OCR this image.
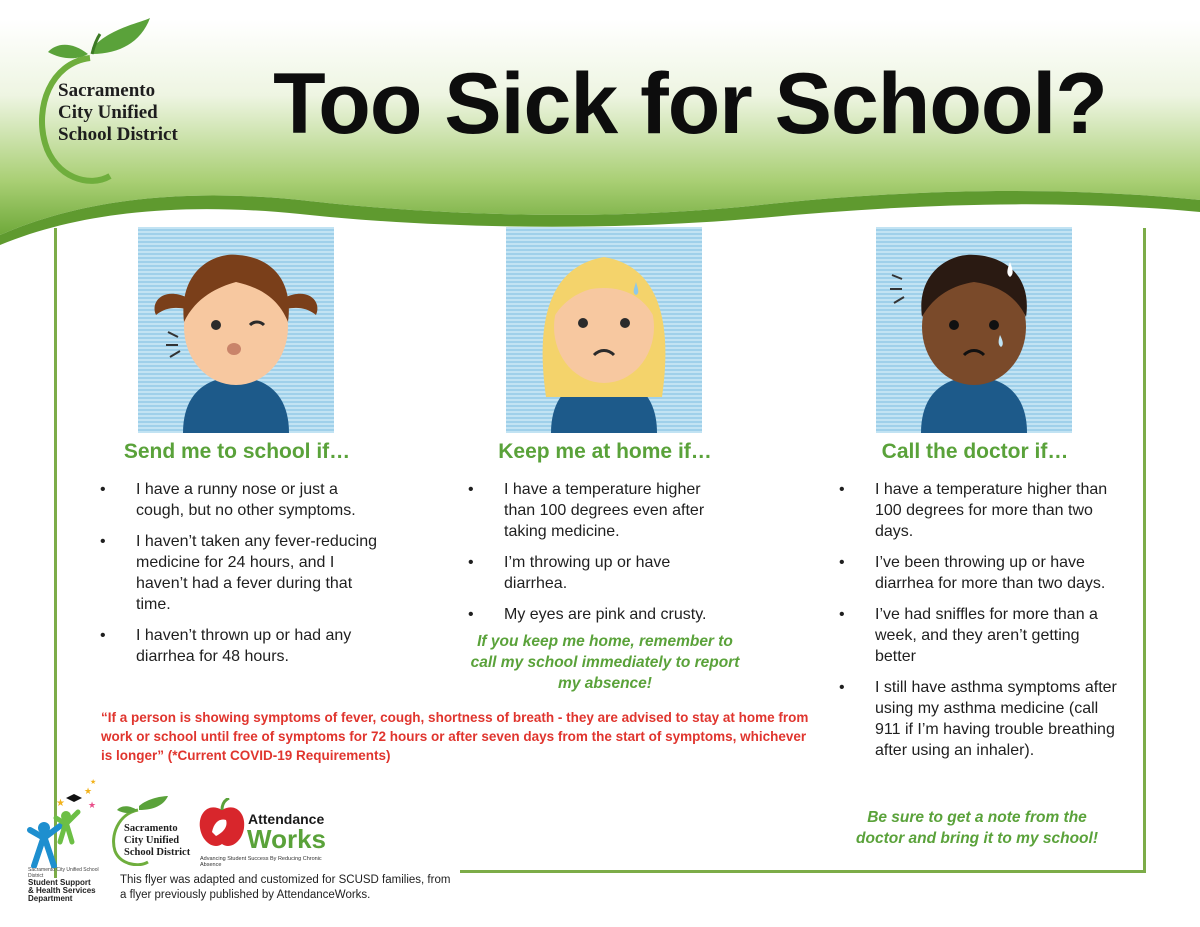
Sacramento
City Unified
School District	Too Sick for School?
Send me to school if…
• I have a runny nose or just a cough, but no other symptoms.
• I haven’t taken any fever-reducing medicine for 24 hours, and I haven’t had a fever during that time.
• I haven’t thrown up or had any diarrhea for 48 hours.
Keep me at home if…
• I have a temperature higher than 100 degrees even after taking medicine.
• I’m throwing up or have diarrhea.
• My eyes are pink and crusty.
If you keep me home, remember to call my school immediately to report my absence!
Call the doctor if…
• I have a temperature higher than 100 degrees for more than two days.
• I’ve been throwing up or have diarrhea for more than two days.
• I’ve had sniffles for more than a week, and they aren’t getting better
• I still have asthma symptoms after using my asthma medicine (call 911 if I’m having trouble breathing after using an inhaler).
Be sure to get a note from the doctor and bring it to my school!
“If a person is showing symptoms of fever, cough, shortness of breath - they are advised to stay at home from work or school until free of symptoms for 72 hours or after seven days from the start of symptoms, whichever is longer” (*Current COVID-19 Requirements)
★
★
★
★
Sacramento City Unified School District
Student Support
& Health Services
Department
Sacramento
City Unified
School District
Attendance
Works
Advancing Student Success By Reducing Chronic Absence
This flyer was adapted and customized for SCUSD families, from a flyer previously published by AttendanceWorks.
